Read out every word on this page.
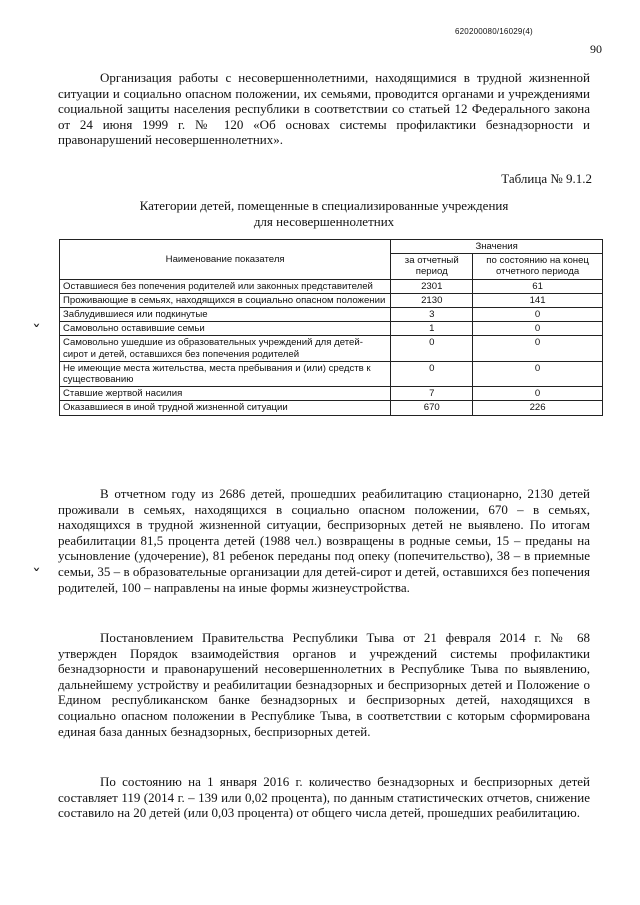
620200080/16029(4)
90

Организация работы с несовершеннолетними, находящимися в трудной жизненной ситуации и социально опасном положении, их семьями, проводится органами и учреждениями социальной защиты населения республики в соответствии со статьей 12 Федерального закона от 24 июня 1999 г. № 120 «Об основах системы профилактики безнадзорности и правонарушений несовершеннолетних».

Таблица № 9.1.2
Категории детей, помещенные в специализированные учреждения
для несовершеннолетних
Наименование показателя	Значения	
	за отчетный период	по состоянию на конец отчетного периода
Оставшиеся без попечения родителей или законных представителей	2301	61
Проживающие в семьях, находящихся в социально опасном положении	2130	141
Заблудившиеся или подкинутые	3	0
Самовольно оставившие семьи	1	0
Самовольно ушедшие из образовательных учреждений для детей-сирот и детей, оставшихся без попечения родителей	0	0
Не имеющие места жительства, места пребывания и (или) средств к существованию	0	0
Ставшие жертвой насилия	7	0
Оказавшиеся в иной трудной жизненной ситуации	670	226

В отчетном году из 2686 детей, прошедших реабилитацию стационарно, 2130 детей проживали в семьях, находящихся в социально опасном положении, 670 – в семьях, находящихся в трудной жизненной ситуации, беспризорных детей не выявлено. По итогам реабилитации 81,5 процента детей (1988 чел.) возвращены в родные семьи, 15 – преданы на усыновление (удочерение), 81 ребенок переданы под опеку (попечительство), 38 – в приемные семьи, 35 – в образовательные организации для детей-сирот и детей, оставшихся без попечения родителей, 100 – направлены на иные формы жизнеустройства.

Постановлением Правительства Республики Тыва от 21 февраля 2014 г. № 68 утвержден Порядок взаимодействия органов и учреждений системы профилактики безнадзорности и правонарушений несовершеннолетних в Республике Тыва по выявлению, дальнейшему устройству и реабилитации безнадзорных и беспризорных детей и Положение о Едином республиканском банке безнадзорных и беспризорных детей, находящихся в социально опасном положении в Республике Тыва, в соответствии с которым сформирована единая база данных безнадзорных, беспризорных детей.

По состоянию на 1 января 2016 г. количество безнадзорных и беспризорных детей составляет 119 (2014 г. – 139 или 0,02 процента), по данным статистических отчетов, снижение составило на 20 детей (или 0,03 процента) от общего числа детей, прошедших реабилитацию.

ˇ
ˇ
